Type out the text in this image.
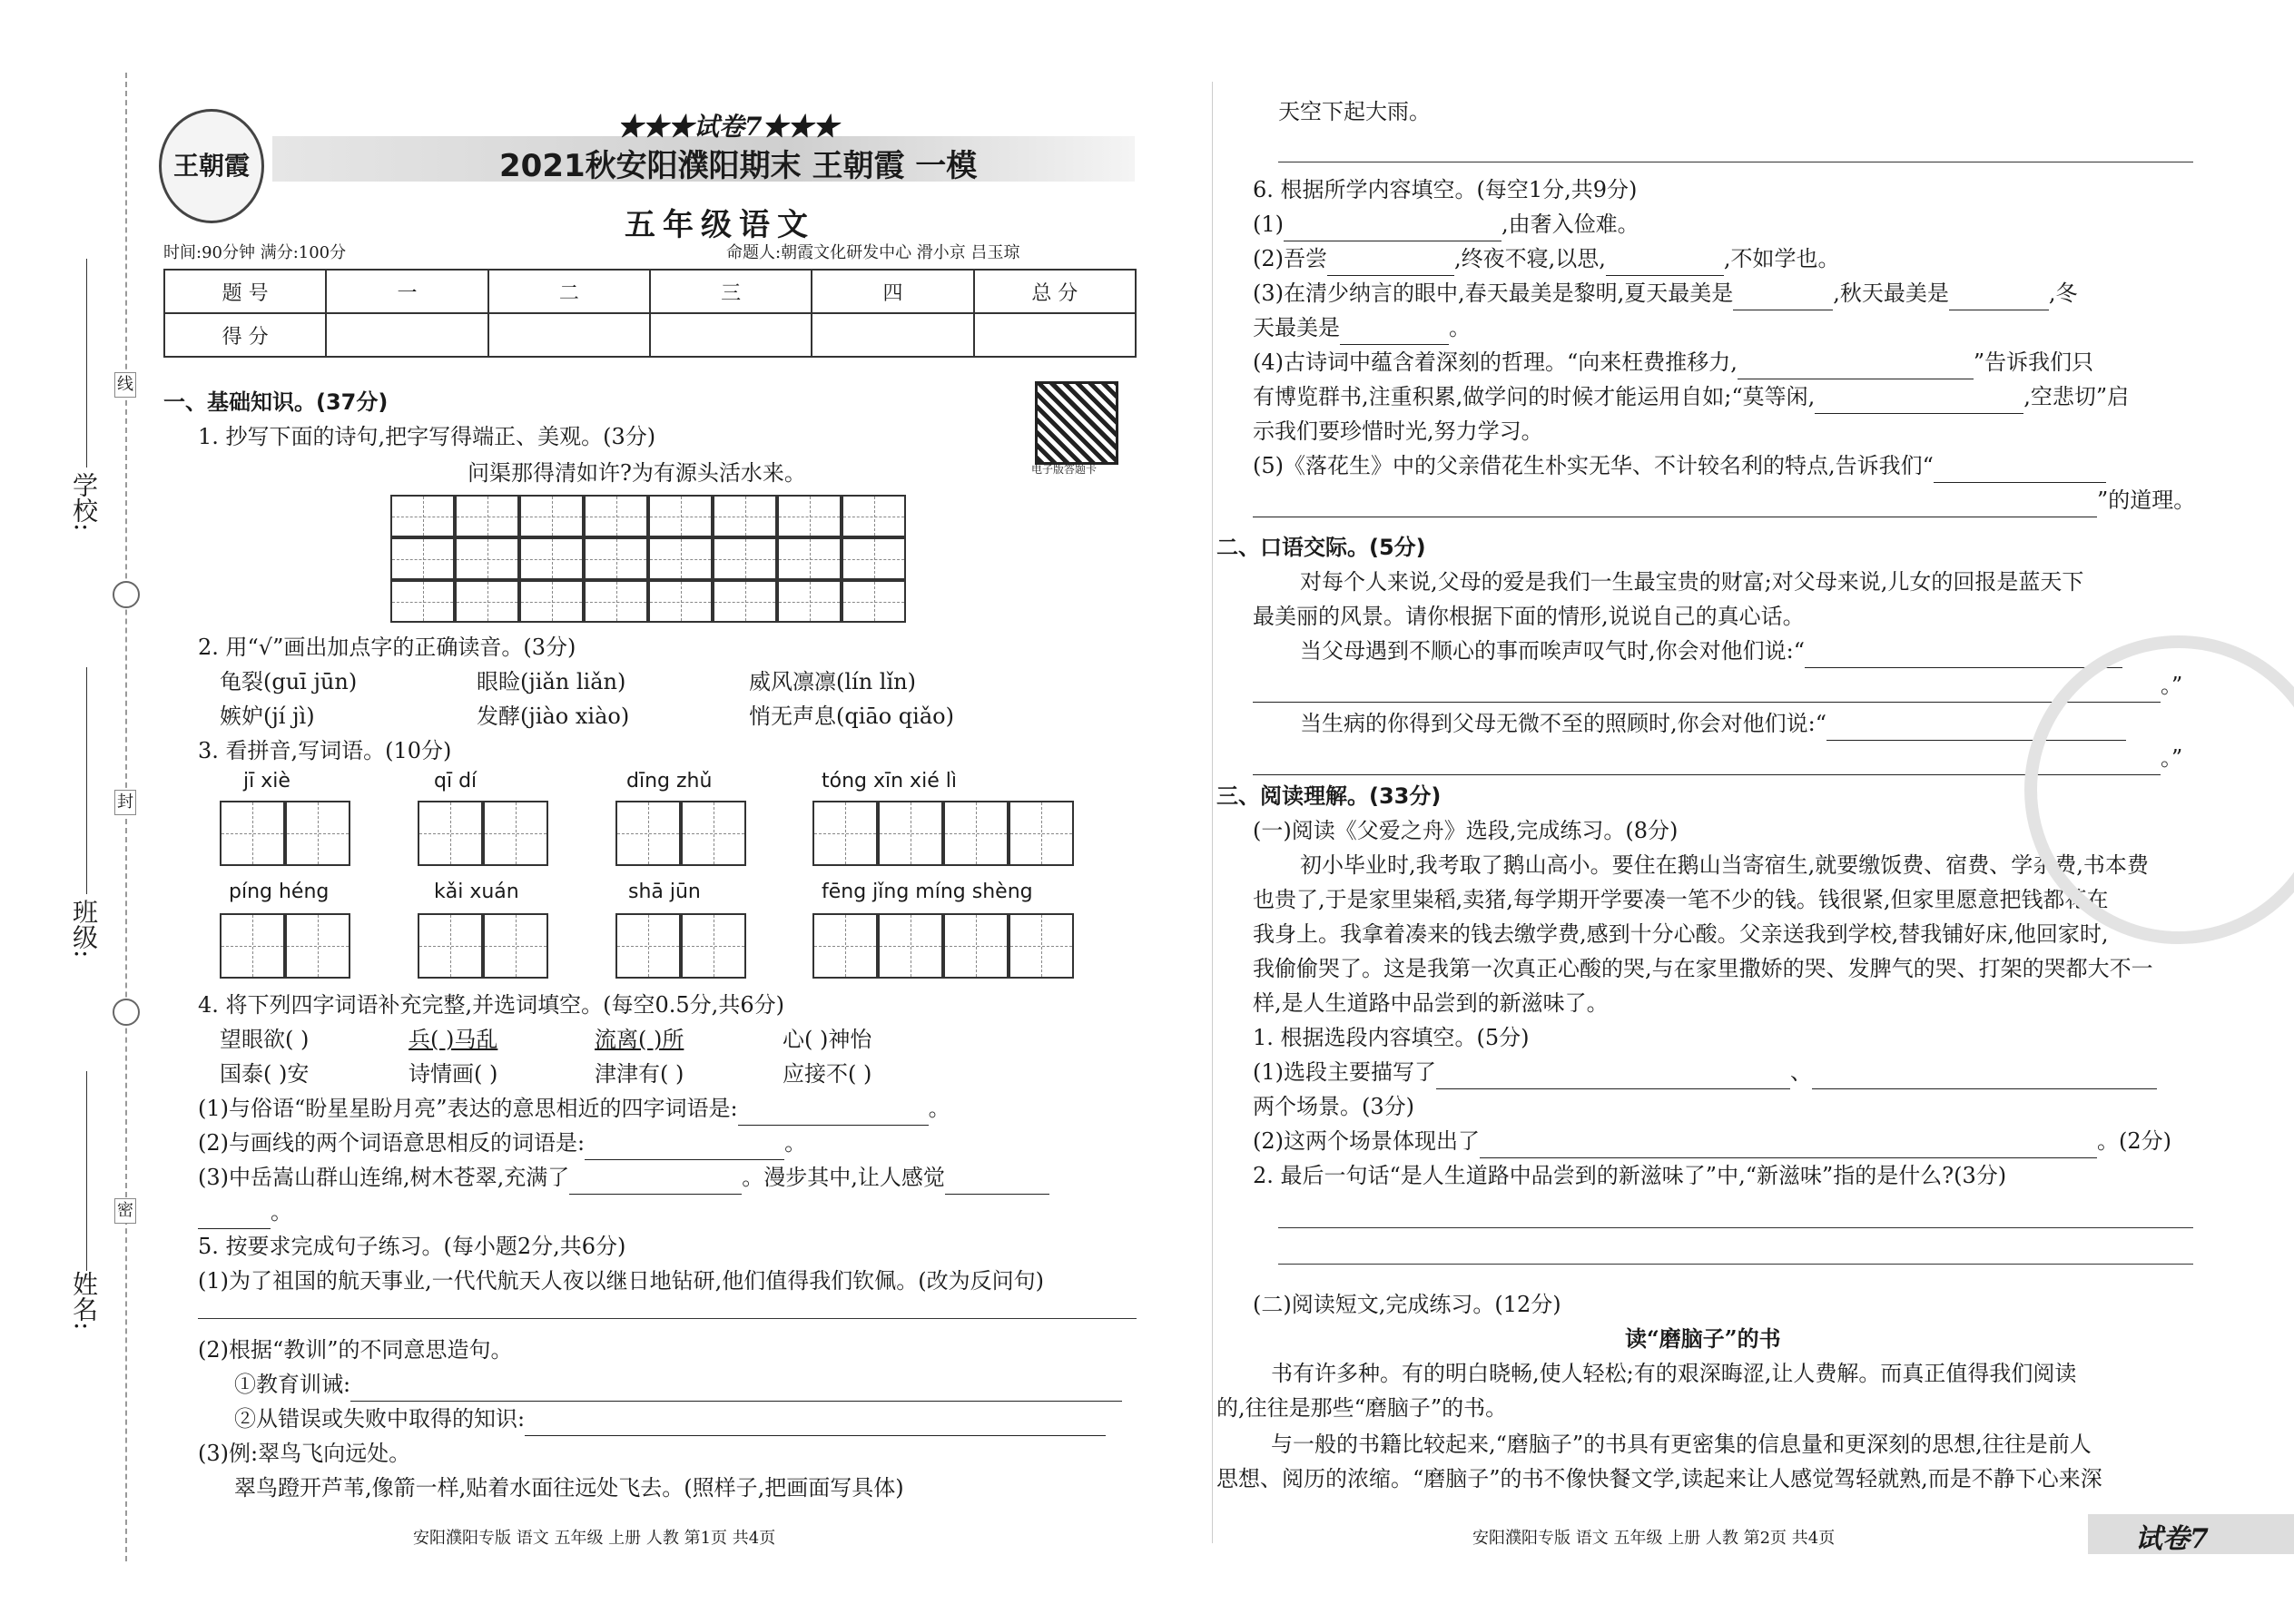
学校:
班级:
姓名:
线
封
密
王朝霞
★★★试卷7★★★
2021秋安阳濮阳期末 王朝霞 一模
五年级语文
时间:90分钟 满分:100分	命题人:朝霞文化研发中心 滑小京 吕玉琼
题 号	一	二	三	四	总 分
得 分					
电子版答题卡
一、基础知识。(37分)
1. 抄写下面的诗句,把字写得端正、美观。(3分)
问渠那得清如许?为有源头活水来。
2. 用“√”画出加点字的正确读音。(3分)
龟裂(guī jūn)	眼睑(jiǎn liǎn)	威风凛凛(lín lǐn)
嫉妒(jí jì)	发酵(jiào xiào)	悄无声息(qiāo qiǎo)
3. 看拼音,写词语。(10分)
jī xiè	qī dí	dīng zhǔ	tóng xīn xié lì
píng héng	kǎi xuán	shā jūn	fēng jǐng míng shèng
4. 将下列四字词语补充完整,并选词填空。(每空0.5分,共6分)
望眼欲( )	兵( )马乱	流离( )所	心( )神怡
国泰( )安	诗情画( )	津津有( )	应接不( )
(1)与俗语“盼星星盼月亮”表达的意思相近的四字词语是:	。
(2)与画线的两个词语意思相反的词语是:	。
(3)中岳嵩山群山连绵,树木苍翠,充满了	。漫步其中,让人感觉
。
5. 按要求完成句子练习。(每小题2分,共6分)
(1)为了祖国的航天事业,一代代航天人夜以继日地钻研,他们值得我们钦佩。(改为反问句)
(2)根据“教训”的不同意思造句。
①教育训诫:
②从错误或失败中取得的知识:
(3)例:翠鸟飞向远处。
翠鸟蹬开芦苇,像箭一样,贴着水面往远处飞去。(照样子,把画面写具体)
安阳濮阳专版 语文 五年级 上册 人教 第1页 共4页
天空下起大雨。
6. 根据所学内容填空。(每空1分,共9分)
(1)	,由奢入俭难。
(2)吾尝	,终夜不寝,以思,	,不如学也。
(3)在清少纳言的眼中,春天最美是黎明,夏天最美是	,秋天最美是	,冬
天最美是	。
(4)古诗词中蕴含着深刻的哲理。“向来枉费推移力,	”告诉我们只
有博览群书,注重积累,做学问的时候才能运用自如;“莫等闲,	,空悲切”启
示我们要珍惜时光,努力学习。
(5)《落花生》中的父亲借花生朴实无华、不计较名利的特点,告诉我们“
”的道理。
二、口语交际。(5分)
对每个人来说,父母的爱是我们一生最宝贵的财富;对父母来说,儿女的回报是蓝天下
最美丽的风景。请你根据下面的情形,说说自己的真心话。
当父母遇到不顺心的事而唉声叹气时,你会对他们说:“
。”
当生病的你得到父母无微不至的照顾时,你会对他们说:“
。”
三、阅读理解。(33分)
(一)阅读《父爱之舟》选段,完成练习。(8分)
初小毕业时,我考取了鹅山高小。要住在鹅山当寄宿生,就要缴饭费、宿费、学杂费,书本费
也贵了,于是家里粜稻,卖猪,每学期开学要凑一笔不少的钱。钱很紧,但家里愿意把钱都花在
我身上。我拿着凑来的钱去缴学费,感到十分心酸。父亲送我到学校,替我铺好床,他回家时,
我偷偷哭了。这是我第一次真正心酸的哭,与在家里撒娇的哭、发脾气的哭、打架的哭都大不一
样,是人生道路中品尝到的新滋味了。
1. 根据选段内容填空。(5分)
(1)选段主要描写了	、
两个场景。(3分)
(2)这两个场景体现出了	。(2分)
2. 最后一句话“是人生道路中品尝到的新滋味了”中,“新滋味”指的是什么?(3分)
(二)阅读短文,完成练习。(12分)
读“磨脑子”的书
书有许多种。有的明白晓畅,使人轻松;有的艰深晦涩,让人费解。而真正值得我们阅读
的,往往是那些“磨脑子”的书。
与一般的书籍比较起来,“磨脑子”的书具有更密集的信息量和更深刻的思想,往往是前人
思想、阅历的浓缩。“磨脑子”的书不像快餐文学,读起来让人感觉驾轻就熟,而是不静下心来深
安阳濮阳专版 语文 五年级 上册 人教 第2页 共4页	试卷7
